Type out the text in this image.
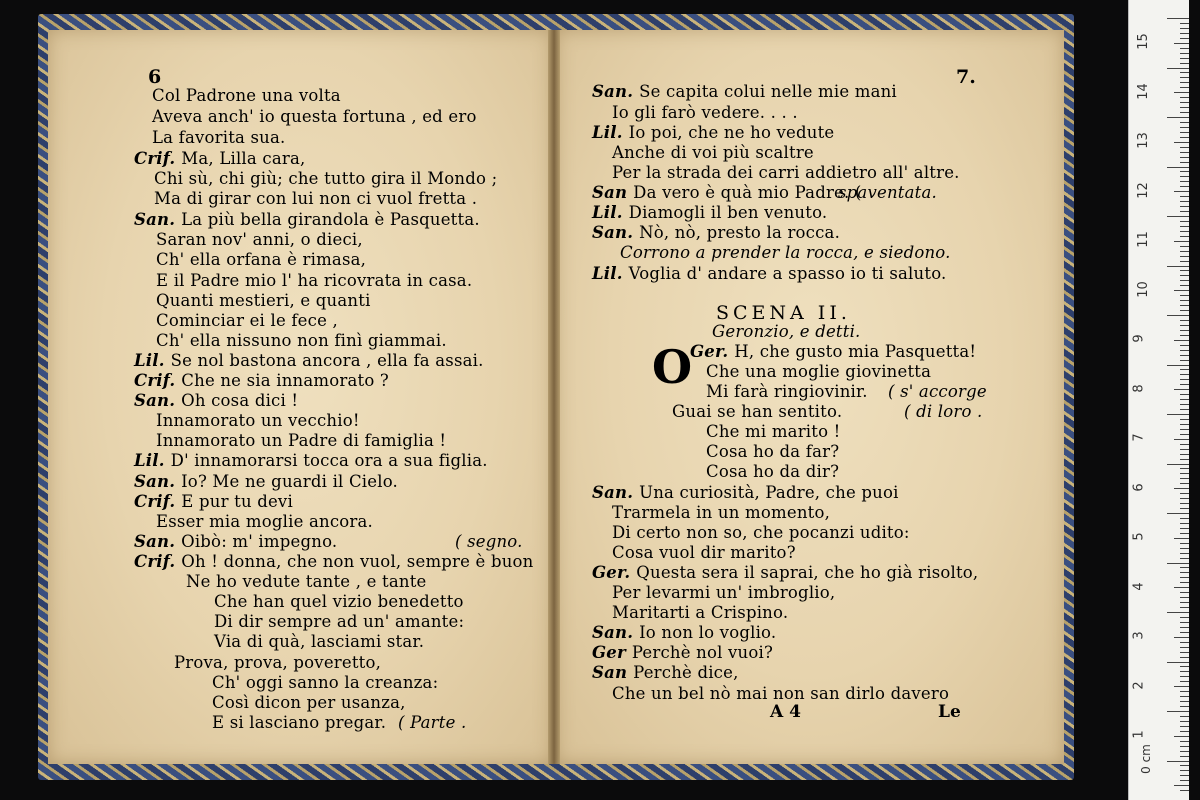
6	7.
Col Padrone una volta
Aveva anch' io questa fortuna , ed ero
La favorita sua.
Crif. Ma, Lilla cara,
Chi sù, chi giù; che tutto gira il Mondo ;
Ma di girar con lui non ci vuol fretta .
San. La più bella girandola è Pasquetta.
Saran nov' anni, o dieci,
Ch' ella orfana è rimasa,
E il Padre mio l' ha ricovrata in casa.
Quanti mestieri, e quanti
Cominciar ei le fece ,
Ch' ella nissuno non finì giammai.
Lil. Se nol bastona ancora , ella fa assai.
Crif. Che ne sia innamorato ?
San. Oh cosa dici !
Innamorato un vecchio!
Innamorato un Padre di famiglia !
Lil. D' innamorarsi tocca ora a sua figlia.
San. Io? Me ne guardi il Cielo.
Crif. E pur tu devi
Esser mia moglie ancora.
San. Oibò: m' impegno.
Crif. Oh ! donna, che non vuol, sempre è buon
Ne ho vedute tante , e tante
Che han quel vizio benedetto
Di dir sempre ad un' amante:
Via di quà, lasciami star.
Prova, prova, poveretto,
Ch' oggi sanno la creanza:
Così dicon per usanza,
E si lasciano pregar.
( segno.
( Parte .
San. Se capita colui nelle mie mani
Io gli farò vedere. . . .
Lil. Io poi, che ne ho vedute
Anche di voi più scaltre
Per la strada dei carri addietro all' altre.
San Da vero è quà mio Padre. (
Lil. Diamogli il ben venuto.
San. Nò, nò, presto la rocca.
Lil. Voglia d' andare a spasso io ti saluto.
Ger. H, che gusto mia Pasquetta!
Che una moglie giovinetta
Mi farà ringiovinir.
Guai se han sentito.
Che mi marito !
Cosa ho da far?
Cosa ho da dir?
San. Una curiosità, Padre, che puoi
Trarmela in un momento,
Di certo non so, che pocanzi udito:
Cosa vuol dir marito?
Ger. Questa sera il saprai, che ho già risolto,
Per levarmi un' imbroglio,
Maritarti a Crispino.
San. Io non lo voglio.
Ger Perchè nol vuoi?
San Perchè dice,
Che un bel nò mai non san dirlo davero
spaventata.
Corrono a prender la rocca, e siedono.
Geronzio, e detti.
( s' accorge
( di loro .
SCENA II.
O
A 4	Le
0 cm
15
14
13
12
11
10
9
8
7
6
5
4
3
2
1
